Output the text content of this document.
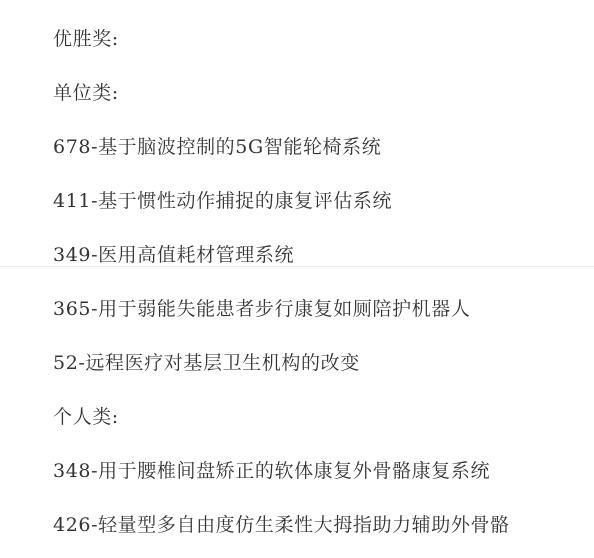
优胜奖:
单位类:
678-基于脑波控制的5G智能轮椅系统
411-基于惯性动作捕捉的康复评估系统
349-医用高值耗材管理系统
365-用于弱能失能患者步行康复如厕陪护机器人
52-远程医疗对基层卫生机构的改变
个人类:
348-用于腰椎间盘矫正的软体康复外骨骼康复系统
426-轻量型多自由度仿生柔性大拇指助力辅助外骨骼
